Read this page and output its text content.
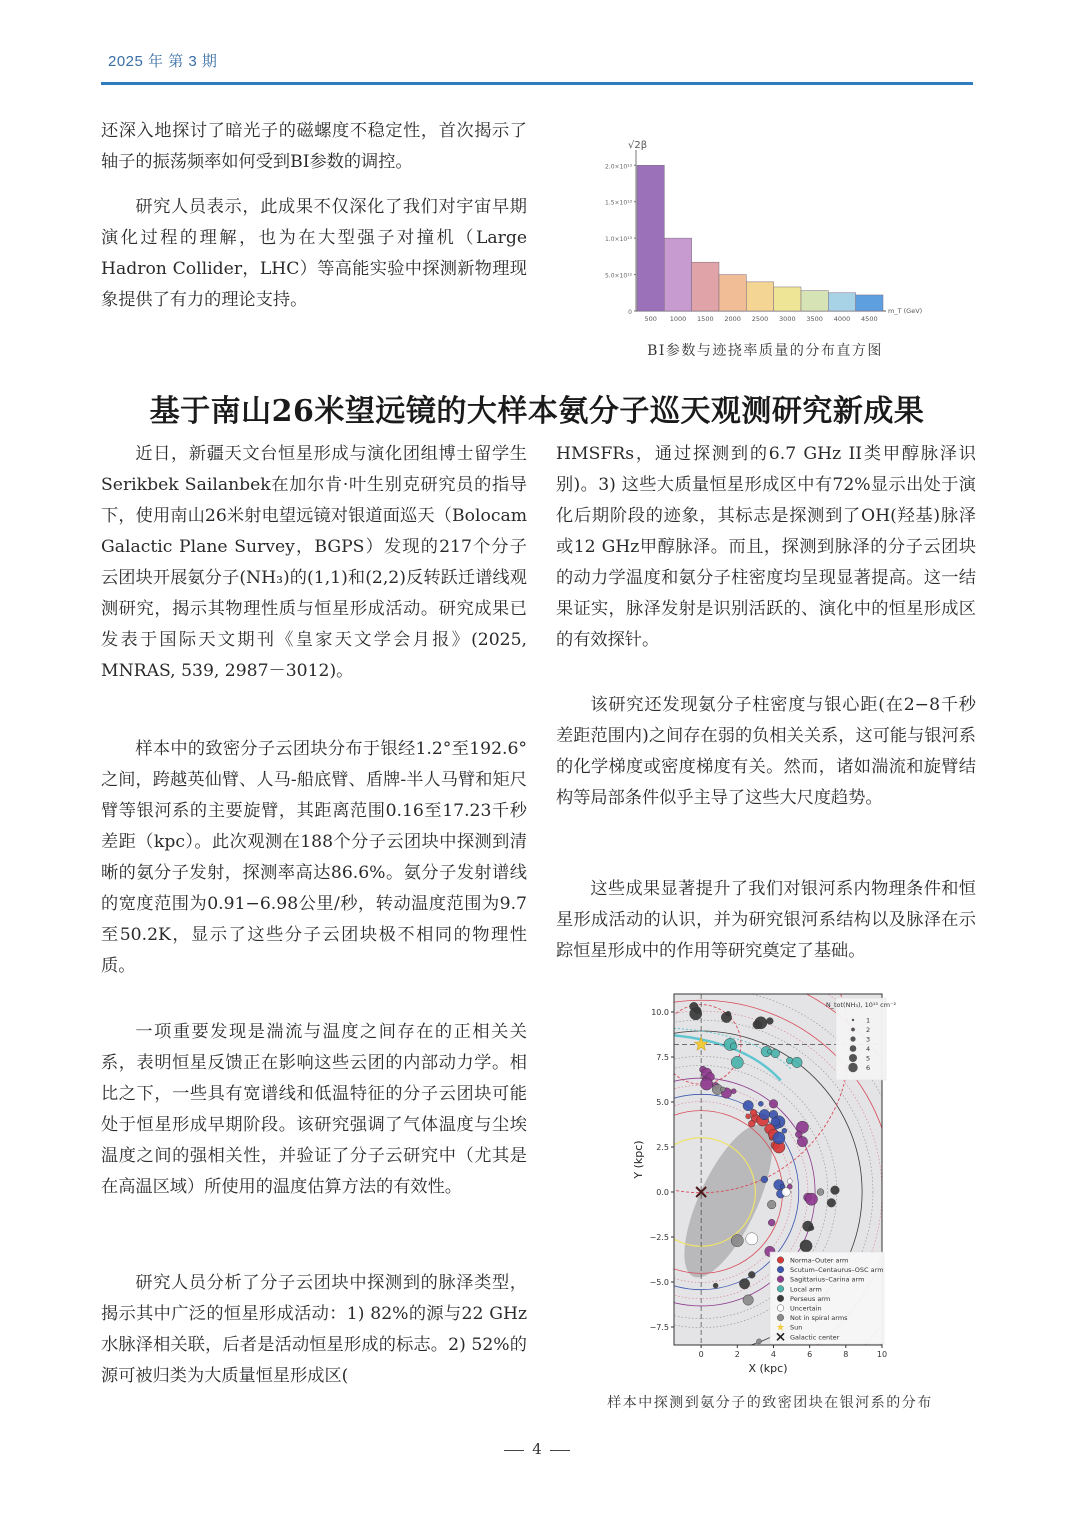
2025 年 第 3 期

还深入地探讨了暗光子的磁螺度不稳定性，首次揭示了轴子的振荡频率如何受到BI参数的调控。

研究人员表示，此成果不仅深化了我们对宇宙早期演化过程的理解，也为在大型强子对撞机（Large Hadron Collider，LHC）等高能实验中探测新物理现象提供了有力的理论支持。

√2β
0
5.0×10¹²
1.0×10¹³
1.5×10¹³
2.0×10¹³
500 1000 1500 2000 2500 3000 3500 4000 4500
m_T (GeV)
BI参数与迹挠率质量的分布直方图
基于南山26米望远镜的大样本氨分子巡天观测研究新成果

近日，新疆天文台恒星形成与演化团组博士留学生Serikbek Sailanbek在加尔肯·叶生别克研究员的指导下，使用南山26米射电望远镜对银道面巡天（Bolocam Galactic Plane Survey，BGPS）发现的217个分子云团块开展氨分子(NH₃)的(1,1)和(2,2)反转跃迁谱线观测研究，揭示其物理性质与恒星形成活动。研究成果已发表于国际天文期刊《皇家天文学会月报》(2025, MNRAS, 539, 2987－3012)。

样本中的致密分子云团块分布于银经1.2°至192.6°之间，跨越英仙臂、人马-船底臂、盾牌-半人马臂和矩尺臂等银河系的主要旋臂，其距离范围0.16至17.23千秒差距（kpc）。此次观测在188个分子云团块中探测到清晰的氨分子发射，探测率高达86.6%。氨分子发射谱线的宽度范围为0.91−6.98公里/秒，转动温度范围为9.7至50.2K，显示了这些分子云团块极不相同的物理性质。

一项重要发现是湍流与温度之间存在的正相关关系，表明恒星反馈正在影响这些云团的内部动力学。相比之下，一些具有宽谱线和低温特征的分子云团块可能处于恒星形成早期阶段。该研究强调了气体温度与尘埃温度之间的强相关性，并验证了分子云研究中（尤其是在高温区域）所使用的温度估算方法的有效性。

研究人员分析了分子云团块中探测到的脉泽类型，揭示其中广泛的恒星形成活动：1) 82%的源与22 GHz水脉泽相关联，后者是活动恒星形成的标志。2) 52%的源可被归类为大质量恒星形成区(

HMSFRs，通过探测到的6.7 GHz II类甲醇脉泽识别)。3) 这些大质量恒星形成区中有72%显示出处于演化后期阶段的迹象，其标志是探测到了OH(羟基)脉泽或12 GHz甲醇脉泽。而且，探测到脉泽的分子云团块的动力学温度和氨分子柱密度均呈现显著提高。这一结果证实，脉泽发射是识别活跃的、演化中的恒星形成区的有效探针。

该研究还发现氨分子柱密度与银心距(在2−8千秒差距范围内)之间存在弱的负相关关系，这可能与银河系的化学梯度或密度梯度有关。然而，诸如湍流和旋臂结构等局部条件似乎主导了这些大尺度趋势。

这些成果显著提升了我们对银河系内物理条件和恒星形成活动的认识，并为研究银河系结构以及脉泽在示踪恒星形成中的作用等研究奠定了基础。

0	2	4	6	8	10
−7.5
−5.0
−2.5
0.0
2.5
5.0
7.5
10.0
X (kpc)
Y (kpc)
N_tot(NH₃), 10¹⁵ cm⁻²
1
2
3
4
5
6
Norma–Outer arm
Scutum–Centaurus–OSC arm
Sagittarius–Carina arm
Local arm
Perseus arm
Uncertain
Not in spiral arms
★ Sun
Galactic center
样本中探测到氨分子的致密团块在银河系的分布
4
